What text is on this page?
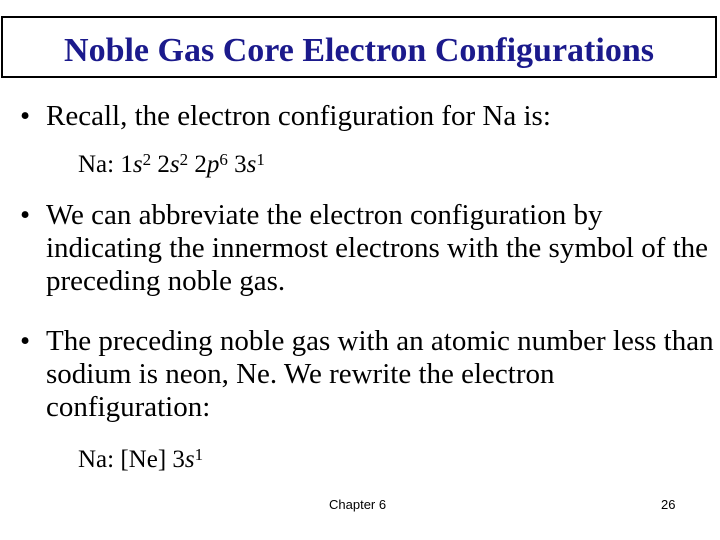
Noble Gas Core Electron Configurations
• Recall, the electron configuration for Na is:
Na: $1s^2$ $2s^2$ $2p^6$ $3s^1$
• We can abbreviate the electron configuration by indicating the innermost electrons with the symbol of the preceding noble gas.
• The preceding noble gas with an atomic number less than sodium is neon, Ne. We rewrite the electron configuration:
Na: [Ne] $3s^1$
Chapter 6	26
